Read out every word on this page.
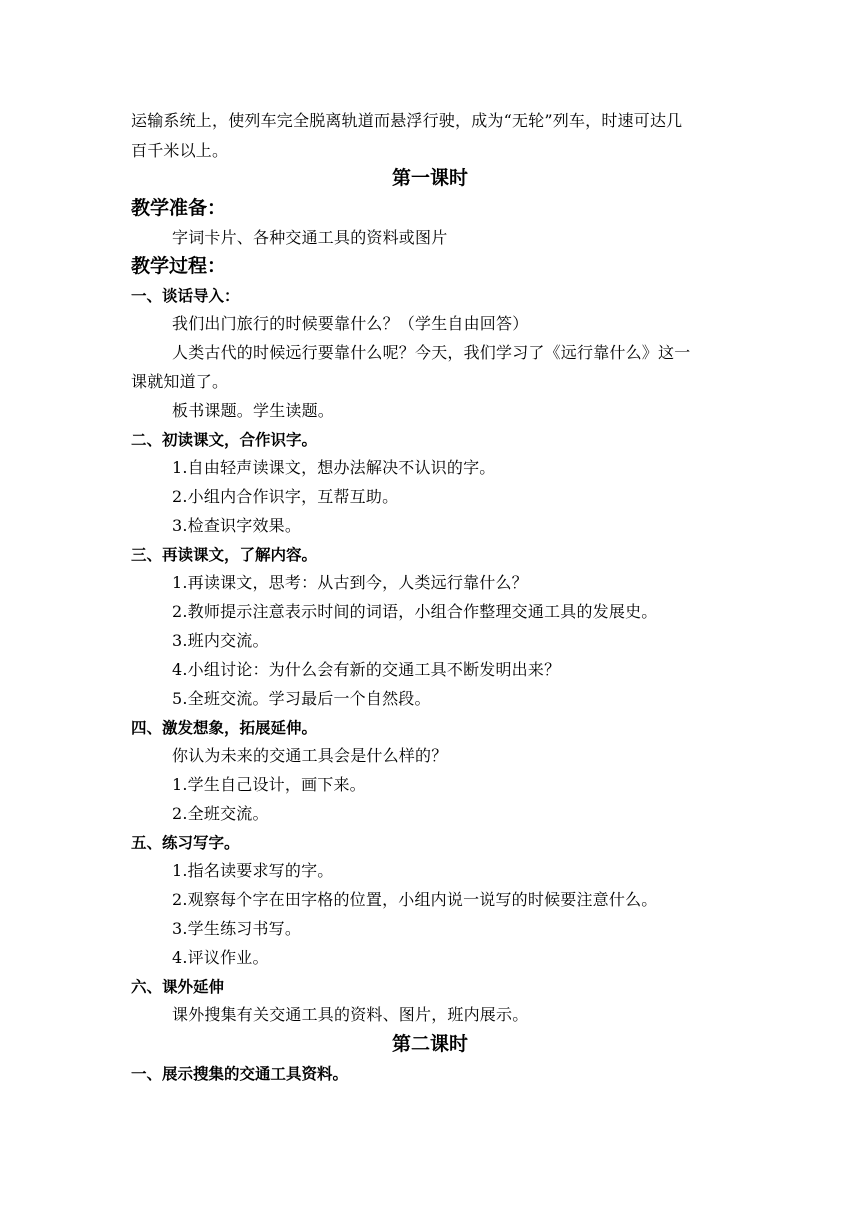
运输系统上，使列车完全脱离轨道而悬浮行驶，成为“无轮”列车，时速可达几

百千米以上。

第一课时
教学准备：

字词卡片、各种交通工具的资料或图片

教学过程：

一、谈话导入：

我们出门旅行的时候要靠什么？（学生自由回答）

人类古代的时候远行要靠什么呢？今天，我们学习了《远行靠什么》这一

课就知道了。

板书课题。学生读题。

二、初读课文，合作识字。

1.自由轻声读课文，想办法解决不认识的字。

2.小组内合作识字，互帮互助。

3.检查识字效果。

三、再读课文，了解内容。

1.再读课文，思考：从古到今，人类远行靠什么？

2.教师提示注意表示时间的词语，小组合作整理交通工具的发展史。

3.班内交流。

4.小组讨论：为什么会有新的交通工具不断发明出来？

5.全班交流。学习最后一个自然段。

四、激发想象，拓展延伸。

你认为未来的交通工具会是什么样的？

1.学生自己设计，画下来。

2.全班交流。

五、练习写字。

1.指名读要求写的字。

2.观察每个字在田字格的位置，小组内说一说写的时候要注意什么。

3.学生练习书写。

4.评议作业。

六、课外延伸

课外搜集有关交通工具的资料、图片，班内展示。

第二课时

一、展示搜集的交通工具资料。
